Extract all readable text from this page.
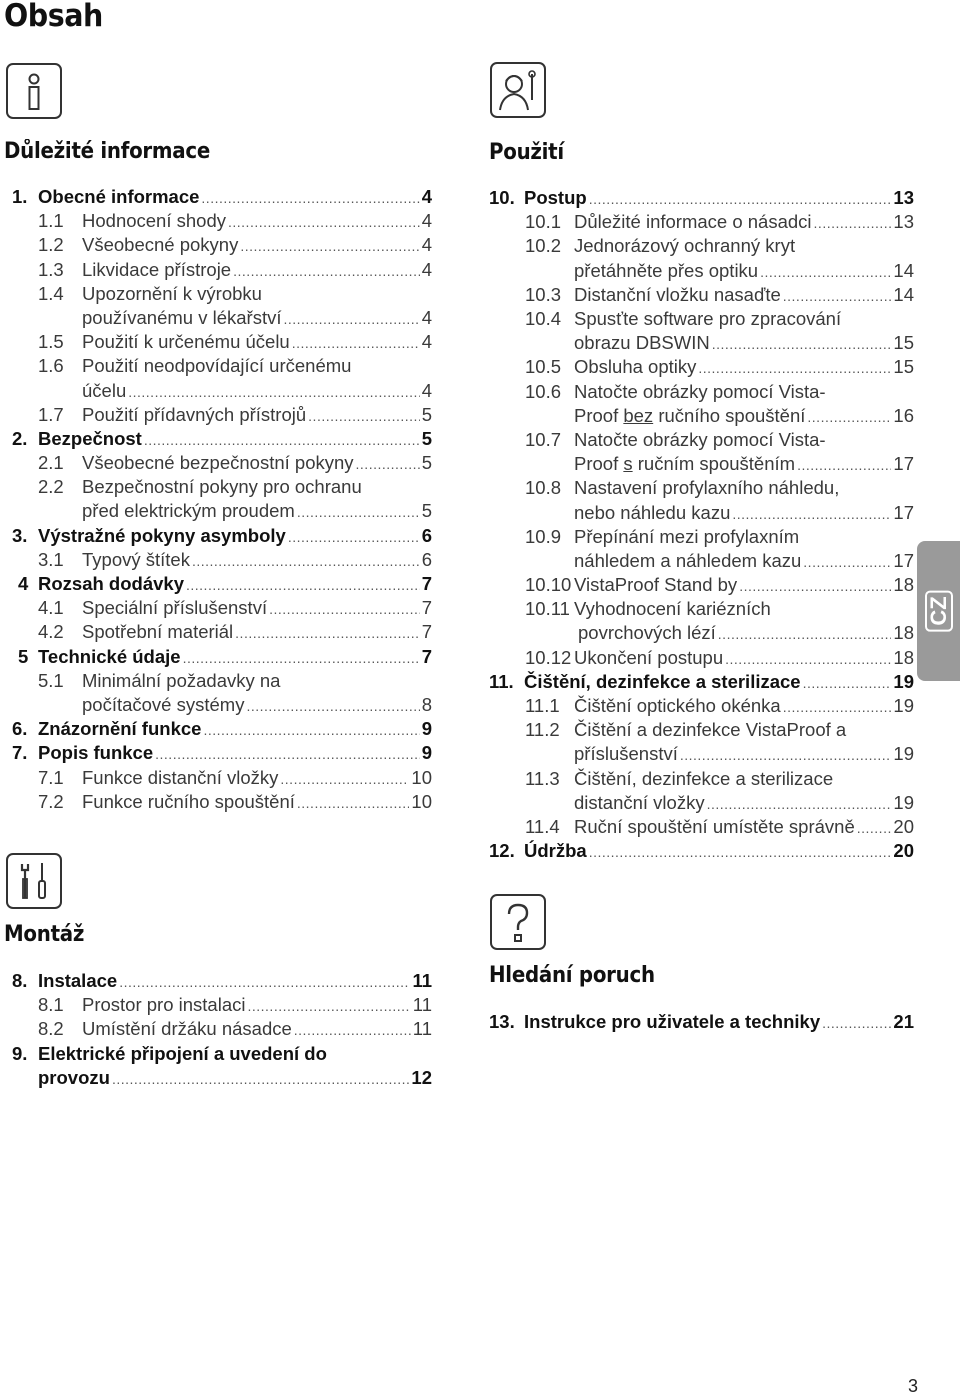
Obsah
Důležité informace
1. Obecné informace .....	4
1.1 Hodnocení shody .....	4
1.2 Všeobecné pokyny .....	4
1.3 Likvidace přístroje .....	4
1.4 Upozornění k výrobku
používanému v lékařství .....	4
1.5 Použití k určenému účelu .....	4
1.6 Použití neodpovídající určenému
účelu .....	4
1.7 Použití přídavných přístrojů .....	5
2. Bezpečnost .....	5
2.1 Všeobecné bezpečnostní pokyny .....	5
2.2 Bezpečnostní pokyny pro ochranu
před elektrickým proudem .....	5
3. Výstražné pokyny asymboly .....	6
3.1 Typový štítek .....	6
4 Rozsah dodávky .....	7
4.1 Speciální příslušenství .....	7
4.2 Spotřební materiál .....	7
5 Technické údaje .....	7
5.1 Minimální požadavky na
počítačové systémy .....	8
6. Znázornění funkce .....	9
7. Popis funkce .....	9
7.1 Funkce distanční vložky .....	10
7.2 Funkce ručního spouštění .....	10
Montáž
8. Instalace .....	11
8.1 Prostor pro instalaci .....	11
8.2 Umístění držáku násadce .....	11
9. Elektrické připojení a uvedení do
provozu .....	12
Použití
10. Postup .....	13
10.1 Důležité informace o násadci .....	13
10.2 Jednorázový ochranný kryt
přetáhněte přes optiku .....	14
10.3 Distanční vložku nasaďte .....	14
10.4 Spusťte software pro zpracování
obrazu DBSWIN .....	15
10.5 Obsluha optiky .....	15
10.6 Natočte obrázky pomocí Vista-
Proof bez ručního spouštění .....	16
10.7 Natočte obrázky pomocí Vista-
Proof s ručním spouštěním .....	17
10.8 Nastavení profylaxního náhledu,
nebo náhledu kazu .....	17
10.9 Přepínání mezi profylaxním
náhledem a náhledem kazu .....	17
10.10 VistaProof Stand by .....	18
10.11 Vyhodnocení kariézních
povrchových lézí .....	18
10.12 Ukončení postupu .....	18
11. Čištění, dezinfekce a sterilizace .....	19
11.1 Čištění optického okénka .....	19
11.2 Čištění a dezinfekce VistaProof a
příslušenství .....	19
11.3 Čištění, dezinfekce a sterilizace
distanční vložky .....	19
11.4 Ruční spouštění umístěte správně ..... 20
12. Údržba .....	20
Hledání poruch
13. Instrukce pro uživatele a techniky .....	21
CZ
3
